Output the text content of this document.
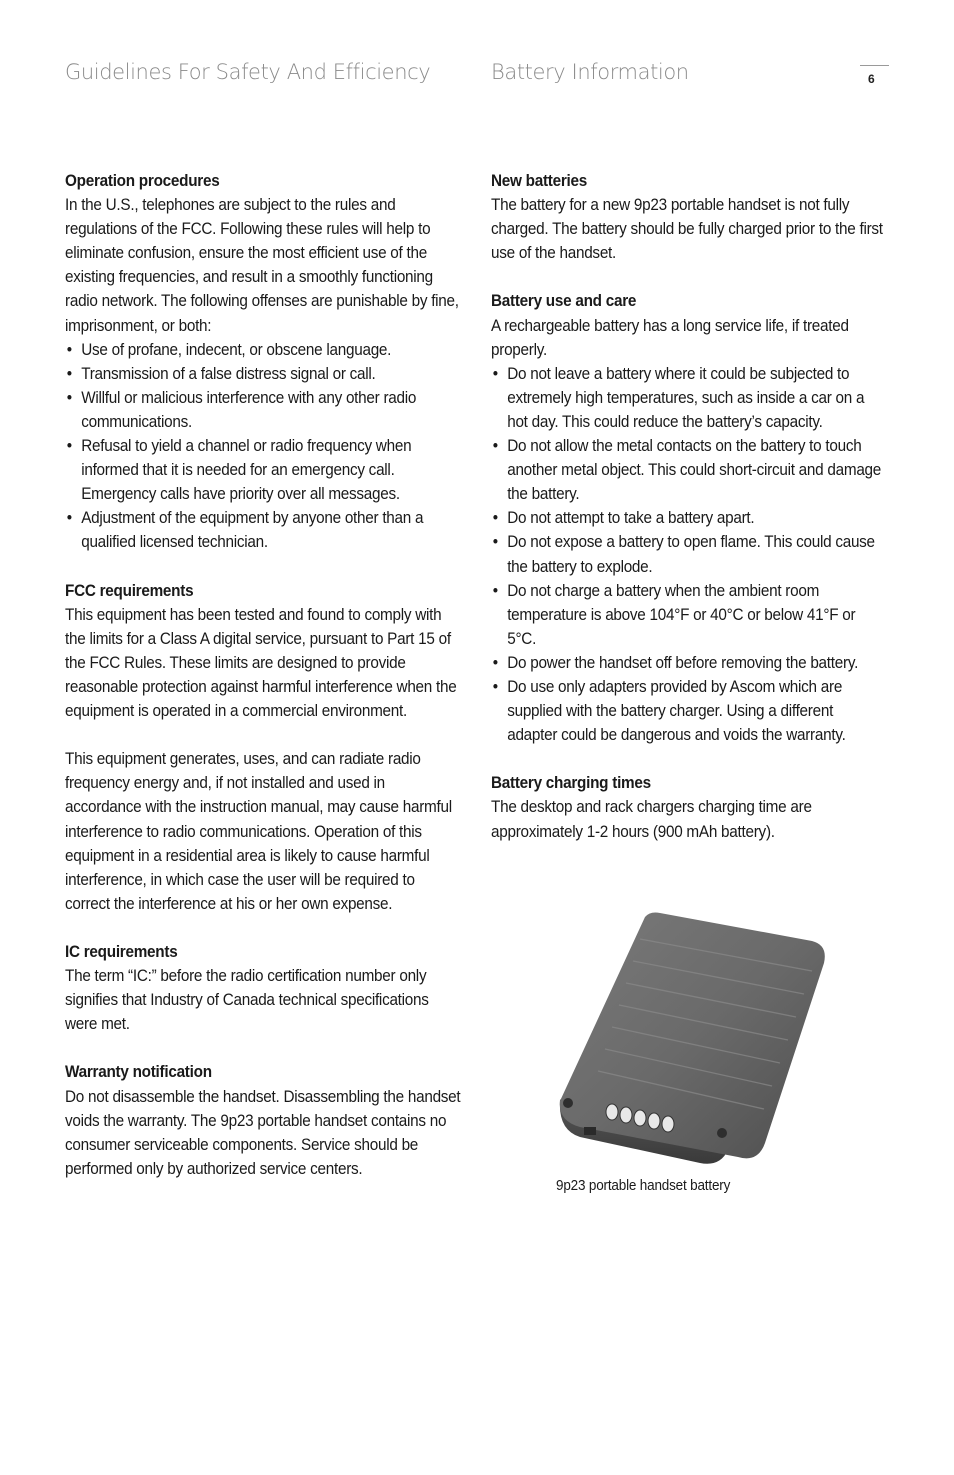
Guidelines For Safety And Efficiency	Battery Information	6
Operation procedures

In the U.S., telephones are subject to the rules and regulations of the FCC. Following these rules will help to eliminate confusion, ensure the most efficient use of the existing frequencies, and result in a smoothly functioning radio network. The following offenses are punishable by fine, imprisonment, or both:

• Use of profane, indecent, or obscene language.
• Transmission of a false distress signal or call.
• Willful or malicious interference with any other radio communications.
• Refusal to yield a channel or radio frequency when informed that it is needed for an emergency call. Emergency calls have priority over all messages.
• Adjustment of the equipment by anyone other than a qualified licensed technician.
FCC requirements

This equipment has been tested and found to comply with the limits for a Class A digital service, pursuant to Part 15 of the FCC Rules. These limits are designed to provide reasonable protection against harmful interference when the equipment is operated in a commercial environment.

This equipment generates, uses, and can radiate radio frequency energy and, if not installed and used in accordance with the instruction manual, may cause harmful interference to radio communications. Operation of this equipment in a residential area is likely to cause harmful interference, in which case the user will be required to correct the interference at his or her own expense.

IC requirements

The term “IC:” before the radio certification number only signifies that Industry of Canada technical specifications were met.

Warranty notification

Do not disassemble the handset. Disassembling the handset voids the warranty. The 9p23 portable handset contains no consumer serviceable components. Service should be performed only by authorized service centers.

New batteries

The battery for a new 9p23 portable handset is not fully charged. The battery should be fully charged prior to the first use of the handset.

Battery use and care

A rechargeable battery has a long service life, if treated properly.

• Do not leave a battery where it could be subjected to extremely high temperatures, such as inside a car on a hot day. This could reduce the battery’s capacity.
• Do not allow the metal contacts on the battery to touch another metal object. This could short-circuit and damage the battery.
• Do not attempt to take a battery apart.
• Do not expose a battery to open flame. This could cause the battery to explode.
• Do not charge a battery when the ambient room temperature is above 104°F or 40°C or below 41°F or 5°C.
• Do power the handset off before removing the battery.
• Do use only adapters provided by Ascom which are supplied with the battery charger. Using a different adapter could be dangerous and voids the warranty.
Battery charging times

The desktop and rack chargers charging time are approximately 1-2 hours (900 mAh battery).

9p23 portable handset battery
